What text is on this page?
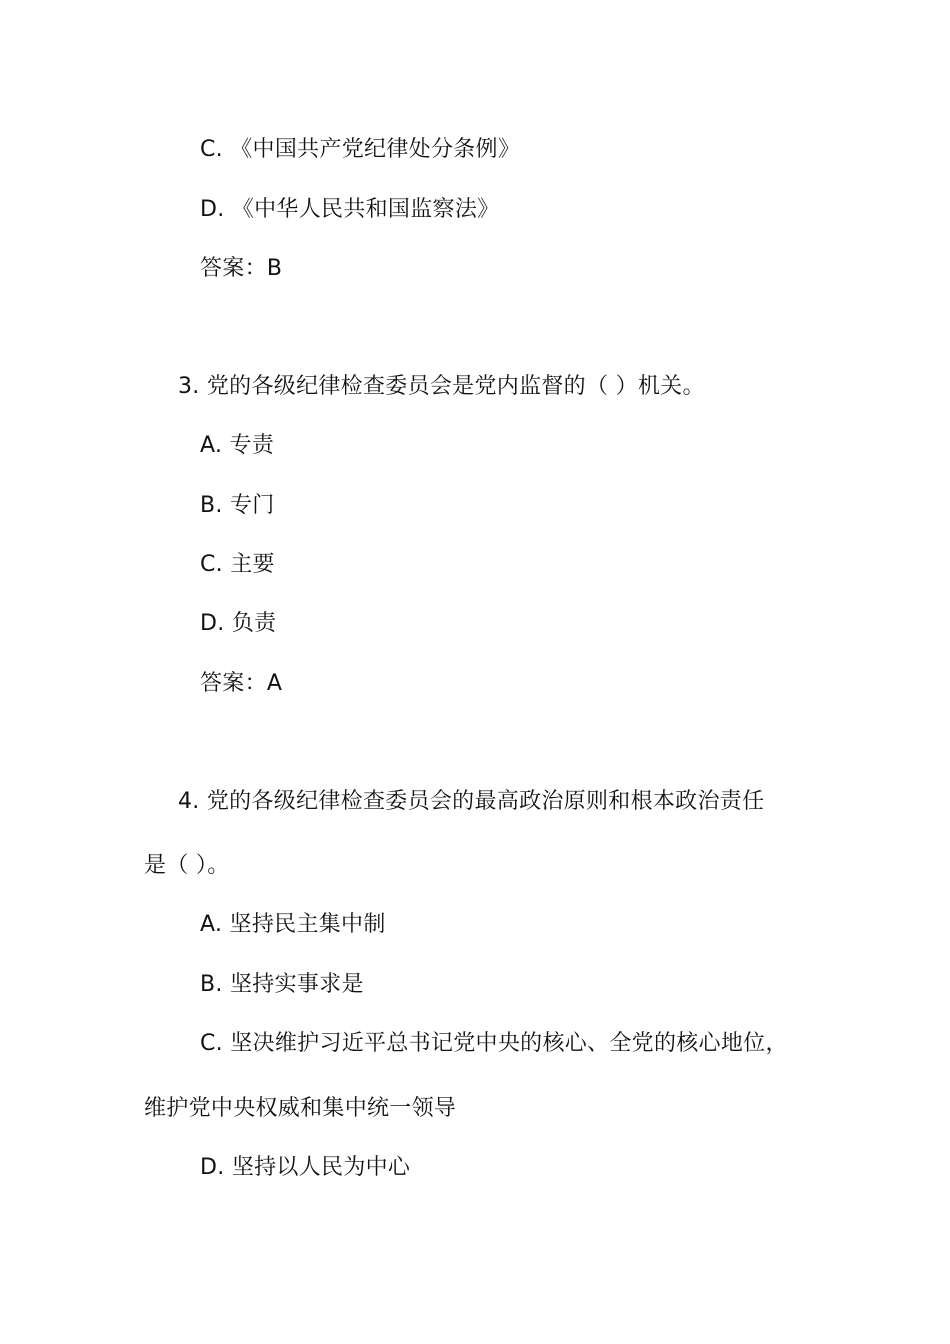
C. 《中国共产党纪律处分条例》
D. 《中华人民共和国监察法》
答案：B
3. 党的各级纪律检查委员会是党内监督的（ ）机关。
A. 专责
B. 专门
C. 主要
D. 负责
答案：A
4. 党的各级纪律检查委员会的最高政治原则和根本政治责任
是（ ）。
A. 坚持民主集中制
B. 坚持实事求是
C. 坚决维护习近平总书记党中央的核心、全党的核心地位，
维护党中央权威和集中统一领导
D. 坚持以人民为中心
